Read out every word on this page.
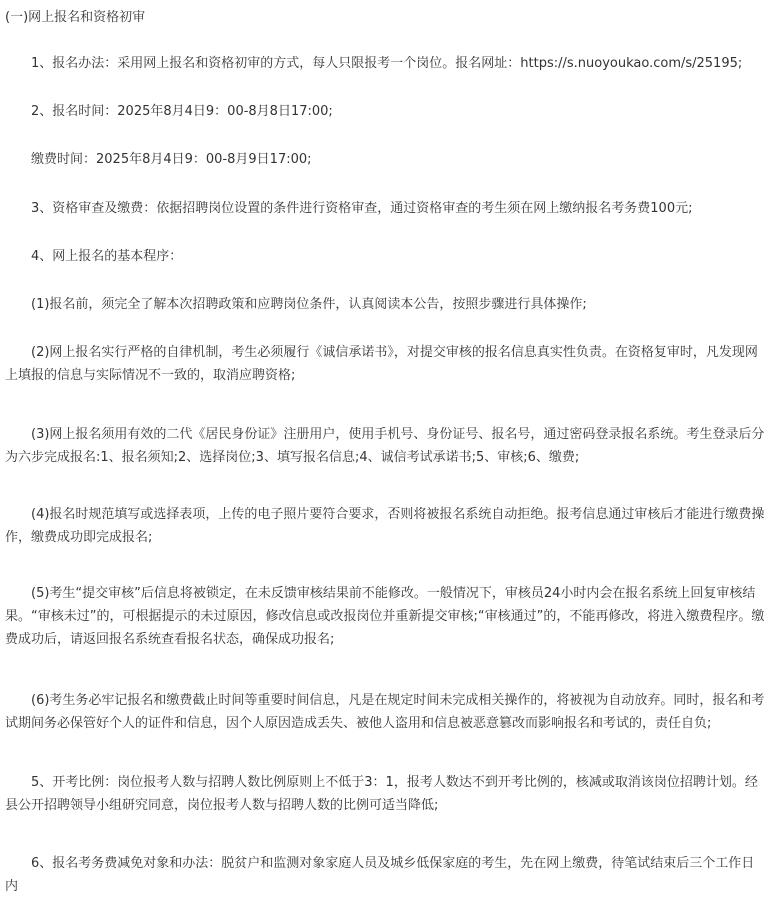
(一)网上报名和资格初审

1、报名办法：采用网上报名和资格初审的方式，每人只限报考一个岗位。报名网址：https://s.nuoyoukao.com/s/25195;

2、报名时间：2025年8月4日9：00-8月8日17:00;

缴费时间：2025年8月4日9：00-8月9日17:00;

3、资格审查及缴费：依据招聘岗位设置的条件进行资格审查，通过资格审查的考生须在网上缴纳报名考务费100元;

4、网上报名的基本程序：

(1)报名前，须完全了解本次招聘政策和应聘岗位条件，认真阅读本公告，按照步骤进行具体操作;

(2)网上报名实行严格的自律机制，考生必须履行《诚信承诺书》，对提交审核的报名信息真实性负责。在资格复审时，凡发现网上填报的信息与实际情况不一致的，取消应聘资格;

(3)网上报名须用有效的二代《居民身份证》注册用户，使用手机号、身份证号、报名号，通过密码登录报名系统。考生登录后分为六步完成报名:1、报名须知;2、选择岗位;3、填写报名信息;4、诚信考试承诺书;5、审核;6、缴费;

(4)报名时规范填写或选择表项，上传的电子照片要符合要求，否则将被报名系统自动拒绝。报考信息通过审核后才能进行缴费操作，缴费成功即完成报名;

(5)考生“提交审核”后信息将被锁定，在未反馈审核结果前不能修改。一般情况下，审核员24小时内会在报名系统上回复审核结果。“审核未过”的，可根据提示的未过原因，修改信息或改报岗位并重新提交审核;“审核通过”的，不能再修改，将进入缴费程序。缴费成功后，请返回报名系统查看报名状态，确保成功报名;

(6)考生务必牢记报名和缴费截止时间等重要时间信息，凡是在规定时间未完成相关操作的，将被视为自动放弃。同时，报名和考试期间务必保管好个人的证件和信息，因个人原因造成丢失、被他人盗用和信息被恶意篡改而影响报名和考试的，责任自负;

5、开考比例：岗位报考人数与招聘人数比例原则上不低于3：1，报考人数达不到开考比例的，核减或取消该岗位招聘计划。经县公开招聘领导小组研究同意，岗位报考人数与招聘人数的比例可适当降低;

6、报名考务费减免对象和办法：脱贫户和监测对象家庭人员及城乡低保家庭的考生，先在网上缴费，待笔试结束后三个工作日内
